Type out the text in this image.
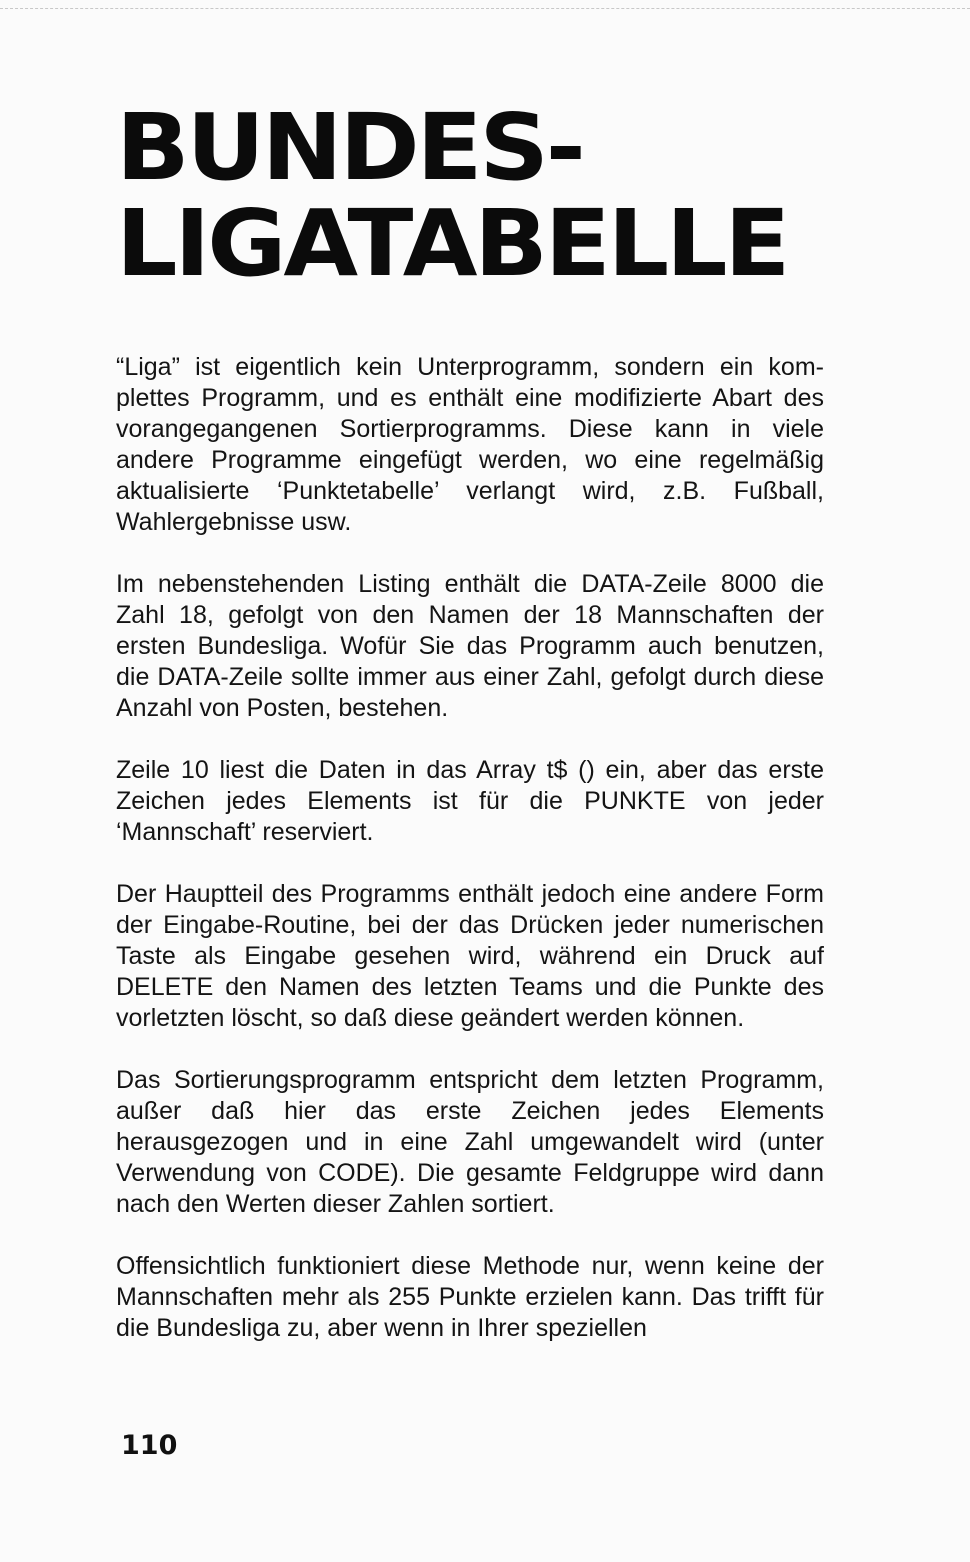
BUNDES-
LIGATABELLE

“Liga” ist eigentlich kein Unterprogramm, sondern ein komplettes Programm, und es enthält eine modifizierte Abart des vorangegangenen Sortierprogramms. Diese kann in viele andere Programme eingefügt werden, wo eine regelmäßig aktualisierte ‘Punktetabelle’ verlangt wird, z.B. Fußball, Wahlergebnisse usw.

Im nebenstehenden Listing enthält die DATA-Zeile 8000 die Zahl 18, gefolgt von den Namen der 18 Mannschaften der ersten Bundesliga. Wofür Sie das Programm auch benutzen, die DATA-Zeile sollte immer aus einer Zahl, gefolgt durch diese Anzahl von Posten, bestehen.

Zeile 10 liest die Daten in das Array t$ () ein, aber das erste Zeichen jedes Elements ist für die PUNKTE von jeder ‘Mannschaft’ reserviert.

Der Hauptteil des Programms enthält jedoch eine andere Form der Eingabe-Routine, bei der das Drücken jeder numerischen Taste als Eingabe gesehen wird, während ein Druck auf DELETE den Namen des letzten Teams und die Punkte des vorletzten löscht, so daß diese geändert werden können.

Das Sortierungsprogramm entspricht dem letzten Programm, außer daß hier das erste Zeichen jedes Elements herausgezogen und in eine Zahl umgewandelt wird (unter Verwendung von CODE). Die gesamte Feldgruppe wird dann nach den Werten dieser Zahlen sortiert.

Offensichtlich funktioniert diese Methode nur, wenn keine der Mannschaften mehr als 255 Punkte erzielen kann. Das trifft für die Bundesliga zu, aber wenn in Ihrer speziellen

110
